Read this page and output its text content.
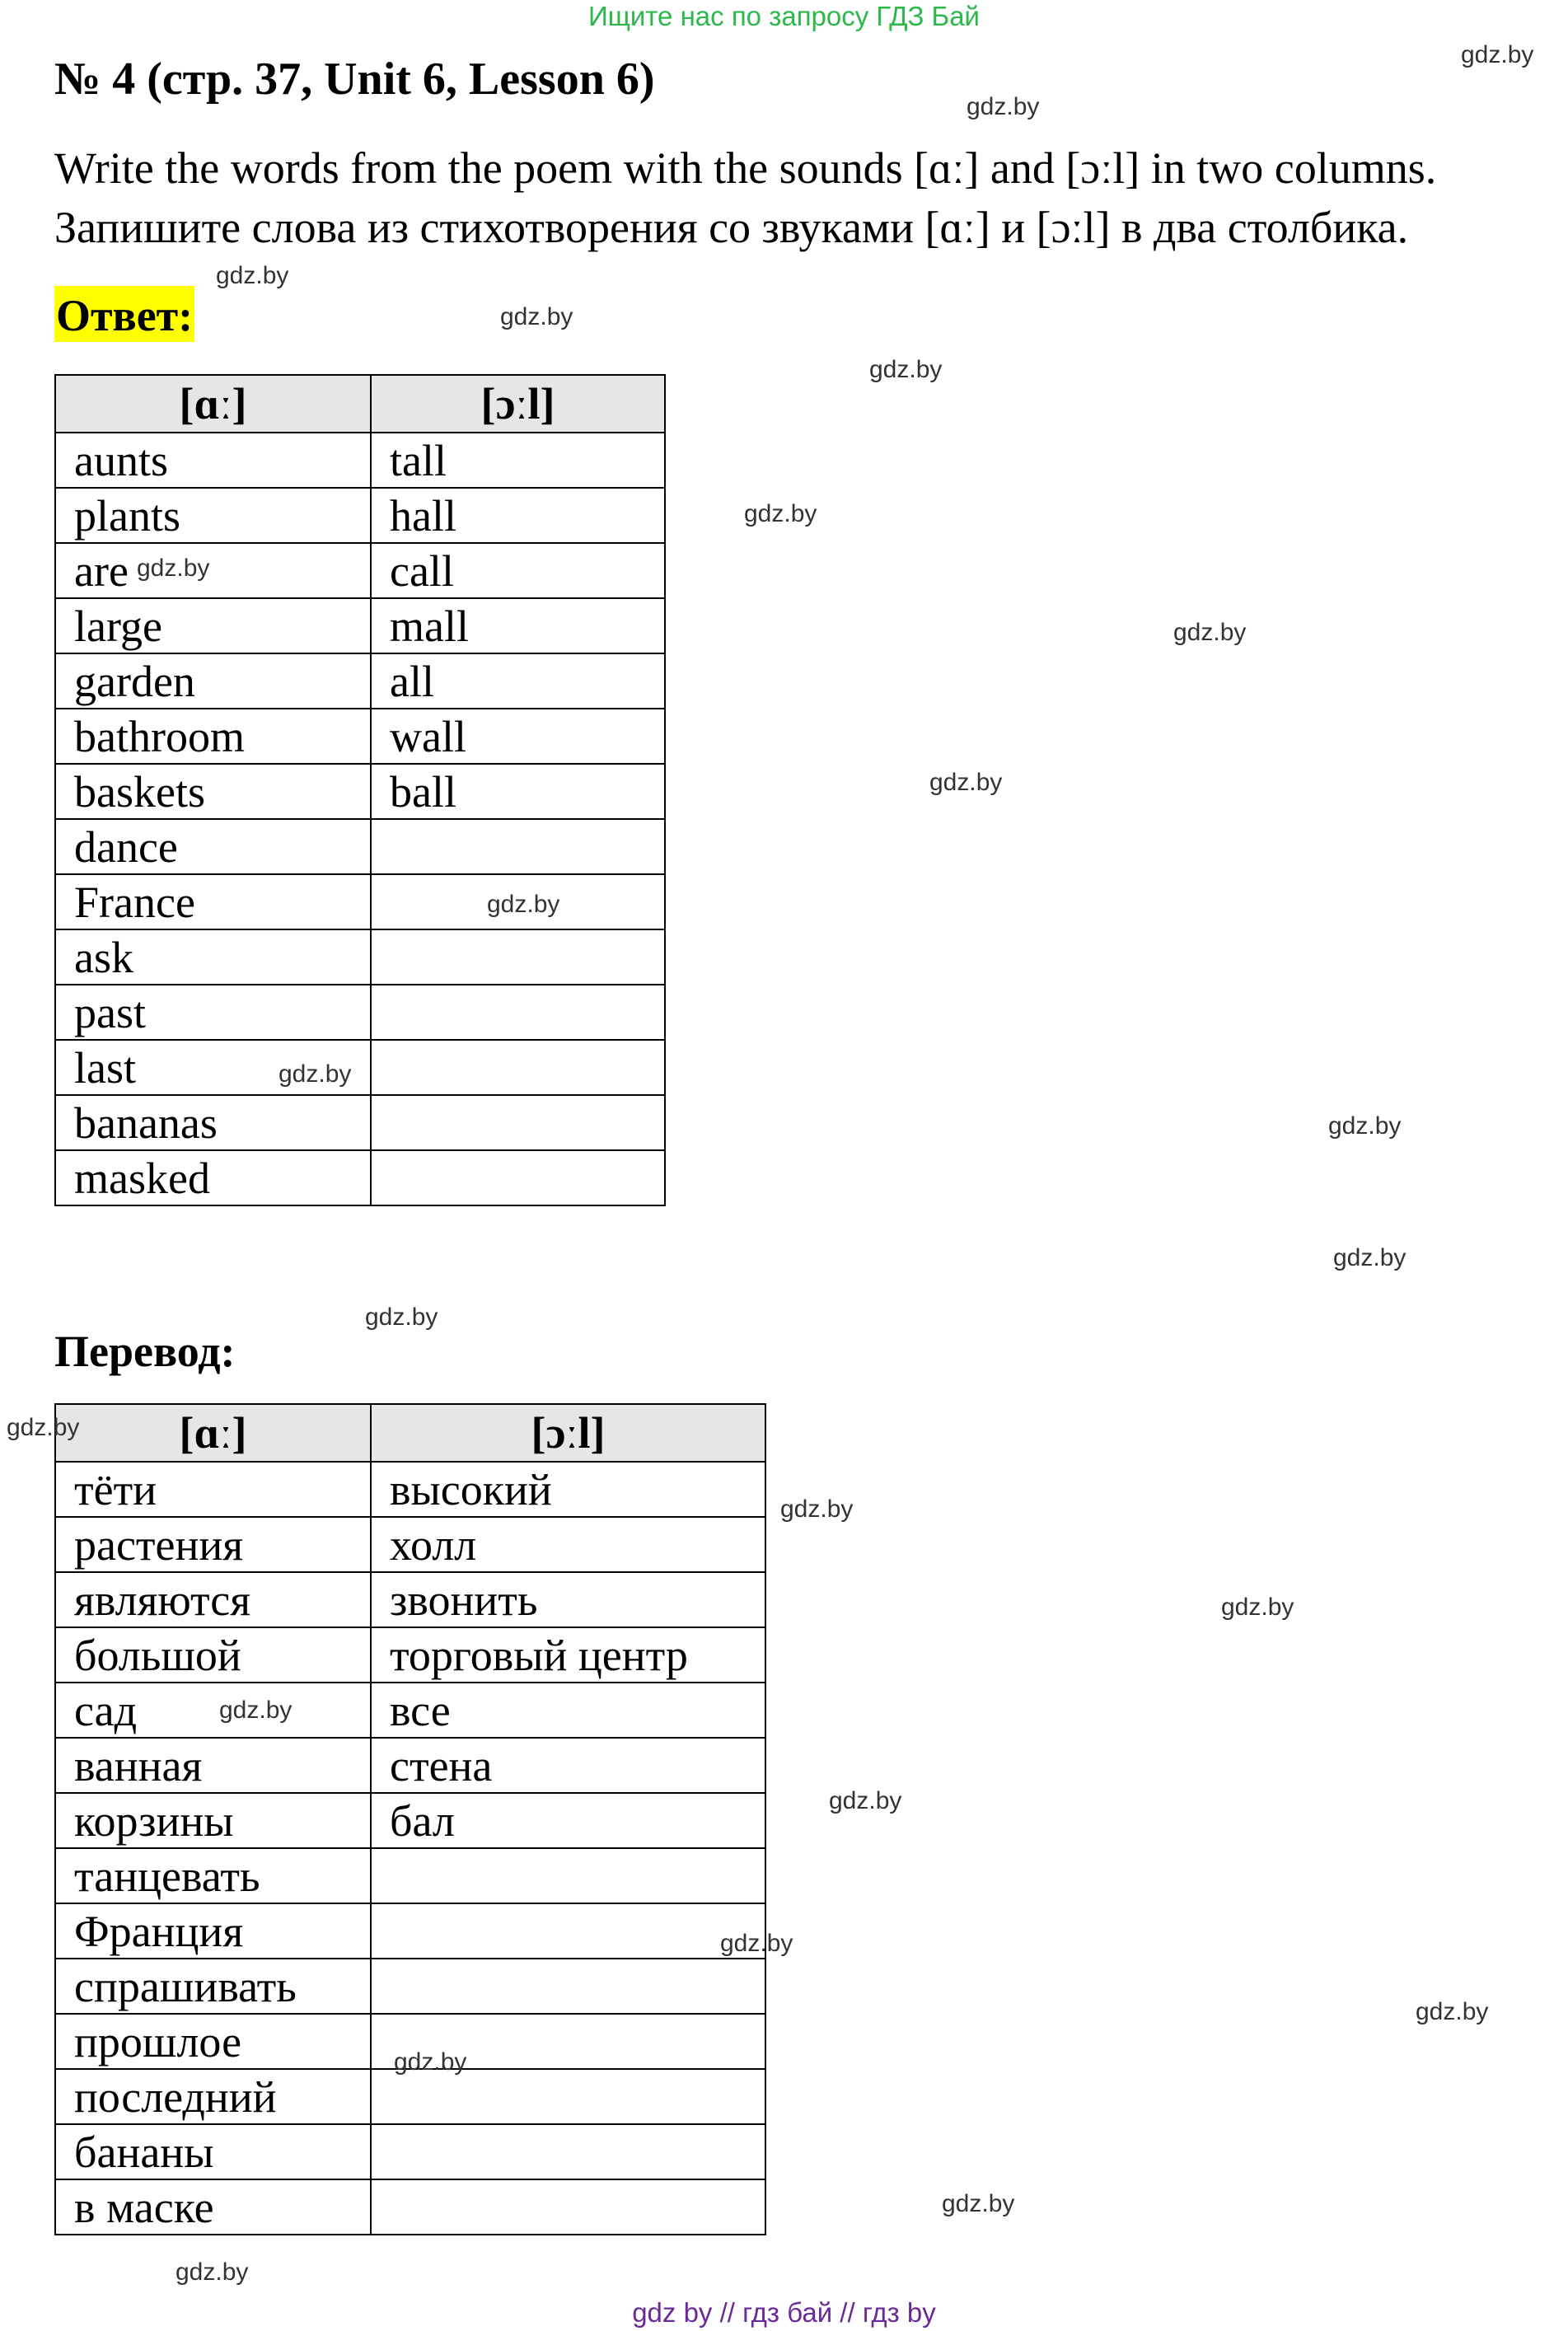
Ищите нас по запросу ГДЗ Бай
№ 4 (стр. 37, Unit 6, Lesson 6)
Write the words from the poem with the sounds [ɑː] and [ɔːl] in two columns.
Запишите слова из стихотворения со звуками [ɑː] и [ɔːl] в два столбика.
Ответ:
[ɑː]	[ɔːl]
aunts	tall
plants	hall
are	call
large	mall
garden	all
bathroom	wall
baskets	ball
dance	
France	
ask	
past	
last	
bananas	
masked	
Перевод:
[ɑː]	[ɔːl]
тёти	высокий
растения	холл
являются	звонить
большой	торговый центр
сад	все
ванная	стена
корзины	бал
танцевать	
Франция	
спрашивать	
прошлое	
последний	
бананы	
в маске	
gdz.by
gdz.by
gdz.by
gdz.by
gdz.by
gdz.by
gdz.by
gdz.by
gdz.by
gdz.by
gdz.by
gdz.by
gdz.by
gdz.by
gdz.by
gdz.by
gdz.by
gdz.by
gdz.by
gdz.by
gdz.by
gdz.by
gdz.by
gdz.by
gdz by // гдз бай // гдз by
